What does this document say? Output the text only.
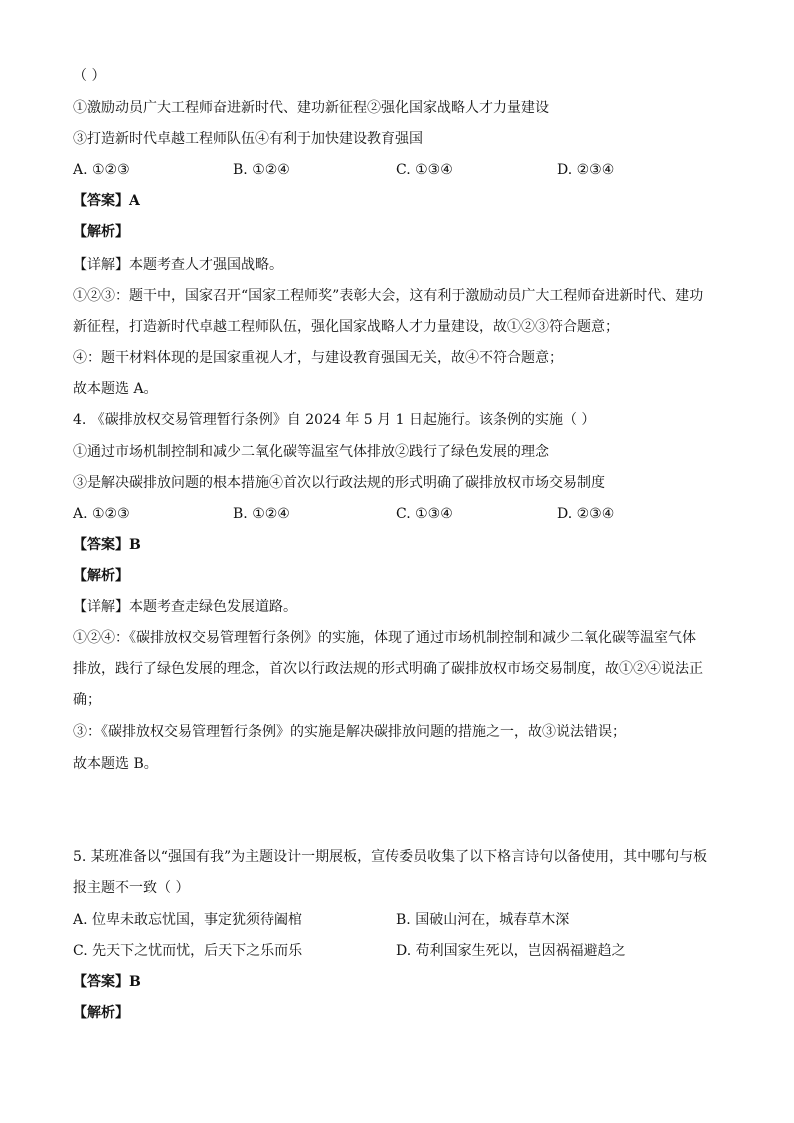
（ ）
①激励动员广大工程师奋进新时代、建功新征程②强化国家战略人才力量建设
③打造新时代卓越工程师队伍④有利于加快建设教育强国
A. ①②③	B. ①②④	C. ①③④	D. ②③④
【答案】A
【解析】
【详解】本题考查人才强国战略。
①②③：题干中，国家召开“国家工程师奖”表彰大会，这有利于激励动员广大工程师奋进新时代、建功
新征程，打造新时代卓越工程师队伍，强化国家战略人才力量建设，故①②③符合题意；
④：题干材料体现的是国家重视人才，与建设教育强国无关，故④不符合题意；
故本题选 A。
4. 《碳排放权交易管理暂行条例》自 2024 年 5 月 1 日起施行。该条例的实施（ ）
①通过市场机制控制和减少二氧化碳等温室气体排放②践行了绿色发展的理念
③是解决碳排放问题的根本措施④首次以行政法规的形式明确了碳排放权市场交易制度
A. ①②③	B. ①②④	C. ①③④	D. ②③④
【答案】B
【解析】
【详解】本题考查走绿色发展道路。
①②④：《碳排放权交易管理暂行条例》的实施，体现了通过市场机制控制和减少二氧化碳等温室气体
排放，践行了绿色发展的理念，首次以行政法规的形式明确了碳排放权市场交易制度，故①②④说法正
确；
③：《碳排放权交易管理暂行条例》的实施是解决碳排放问题的措施之一，故③说法错误；
故本题选 B。
5. 某班准备以“强国有我”为主题设计一期展板，宣传委员收集了以下格言诗句以备使用，其中哪句与板
报主题不一致（ ）
A. 位卑未敢忘忧国，事定犹须待阖棺	B. 国破山河在，城春草木深
C. 先天下之忧而忧，后天下之乐而乐	D. 苟利国家生死以，岂因祸福避趋之
【答案】B
【解析】
